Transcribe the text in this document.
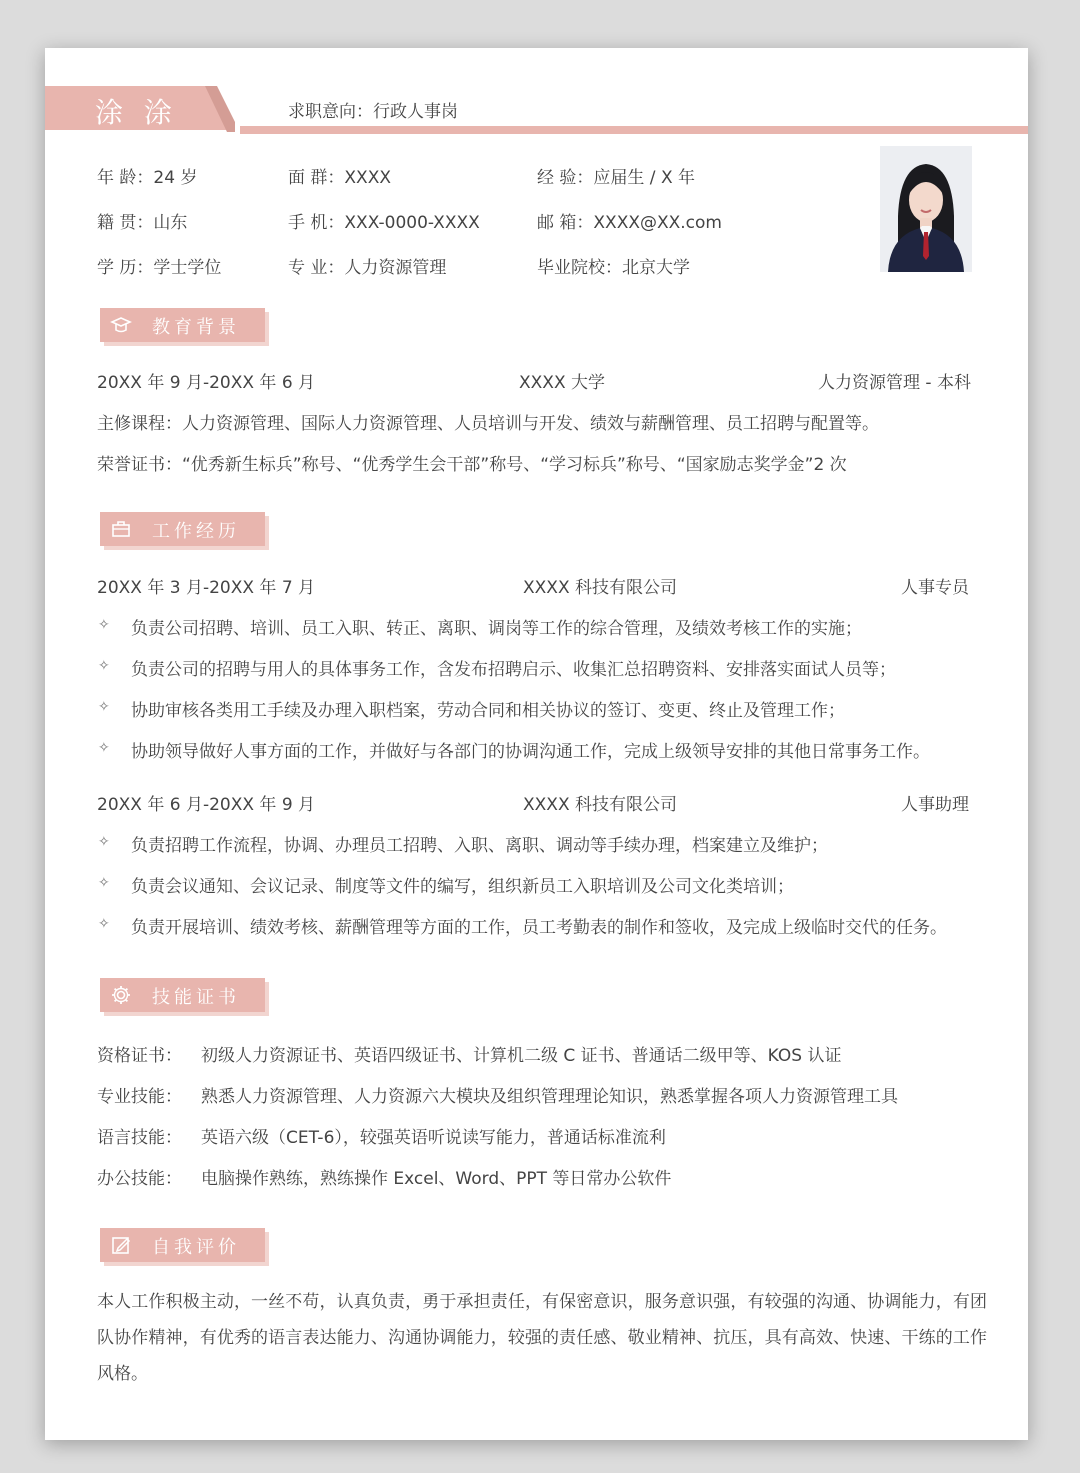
涂 涂	求职意向：行政人事岗
年 龄：24 岁	面 群：XXXX	经 验：应届生 / X 年
籍 贯：山东	手 机：XXX-0000-XXXX	邮 箱：XXXX@XX.com
学 历：学士学位	专 业：人力资源管理	毕业院校：北京大学
教育背景
20XX 年 9 月-20XX 年 6 月	XXXX 大学	人力资源管理 - 本科
主修课程：人力资源管理、国际人力资源管理、人员培训与开发、绩效与薪酬管理、员工招聘与配置等。
荣誉证书：“优秀新生标兵”称号、“优秀学生会干部”称号、“学习标兵”称号、“国家励志奖学金”2 次
工作经历
20XX 年 3 月-20XX 年 7 月	XXXX 科技有限公司	人事专员
✧ 负责公司招聘、培训、员工入职、转正、离职、调岗等工作的综合管理，及绩效考核工作的实施；
✧ 负责公司的招聘与用人的具体事务工作，含发布招聘启示、收集汇总招聘资料、安排落实面试人员等；
✧ 协助审核各类用工手续及办理入职档案，劳动合同和相关协议的签订、变更、终止及管理工作；
✧ 协助领导做好人事方面的工作，并做好与各部门的协调沟通工作，完成上级领导安排的其他日常事务工作。
20XX 年 6 月-20XX 年 9 月	XXXX 科技有限公司	人事助理
✧ 负责招聘工作流程，协调、办理员工招聘、入职、离职、调动等手续办理，档案建立及维护；
✧ 负责会议通知、会议记录、制度等文件的编写，组织新员工入职培训及公司文化类培训；
✧ 负责开展培训、绩效考核、薪酬管理等方面的工作，员工考勤表的制作和签收，及完成上级临时交代的任务。
技能证书
资格证书： 初级人力资源证书、英语四级证书、计算机二级 C 证书、普通话二级甲等、KOS 认证
专业技能： 熟悉人力资源管理、人力资源六大模块及组织管理理论知识，熟悉掌握各项人力资源管理工具
语言技能： 英语六级（CET-6），较强英语听说读写能力，普通话标准流利
办公技能： 电脑操作熟练，熟练操作 Excel、Word、PPT 等日常办公软件
自我评价
本人工作积极主动，一丝不苟，认真负责，勇于承担责任，有保密意识，服务意识强，有较强的沟通、协调能力，有团队协作精神，有优秀的语言表达能力、沟通协调能力，较强的责任感、敬业精神、抗压，具有高效、快速、干练的工作风格。
